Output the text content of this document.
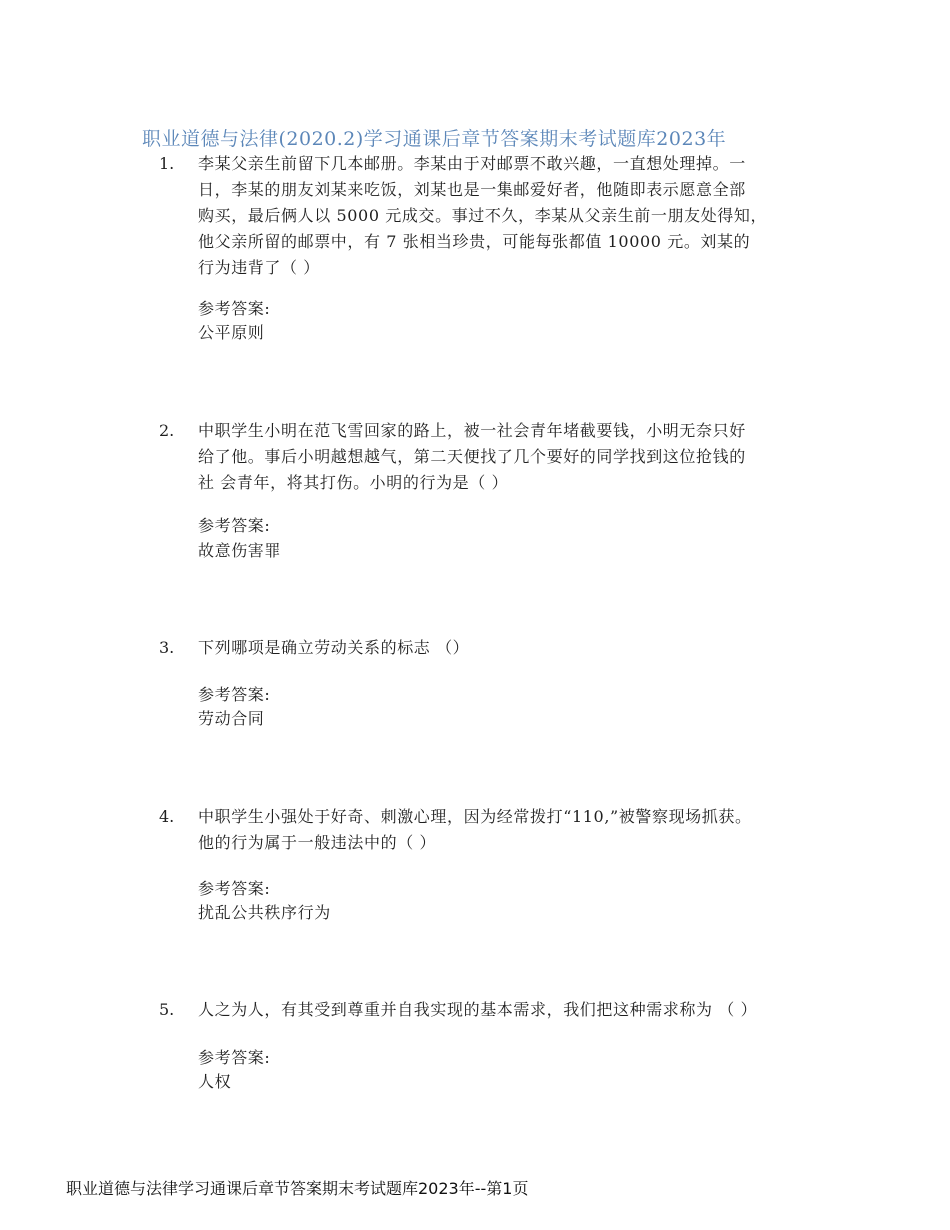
职业道德与法律(2020.2)学习通课后章节答案期末考试题库2023年
1. 李某父亲生前留下几本邮册。李某由于对邮票不敢兴趣，一直想处理掉。一
日，李某的朋友刘某来吃饭，刘某也是一集邮爱好者，他随即表示愿意全部
购买，最后俩人以 5000 元成交。事过不久，李某从父亲生前一朋友处得知，
他父亲所留的邮票中，有 7 张相当珍贵，可能每张都值 10000 元。刘某的
行为违背了（ ）
参考答案:
公平原则
2. 中职学生小明在范飞雪回家的路上，被一社会青年堵截要钱，小明无奈只好
给了他。事后小明越想越气，第二天便找了几个要好的同学找到这位抢钱的
社 会青年，将其打伤。小明的行为是（ ）
参考答案:
故意伤害罪
3. 下列哪项是确立劳动关系的标志 （）
参考答案:
劳动合同
4. 中职学生小强处于好奇、刺激心理，因为经常拨打“110,”被警察现场抓获。
他的行为属于一般违法中的（ ）
参考答案:
扰乱公共秩序行为
5. 人之为人，有其受到尊重并自我实现的基本需求，我们把这种需求称为 （ ）
参考答案:
人权
职业道德与法律学习通课后章节答案期末考试题库2023年--第1页
